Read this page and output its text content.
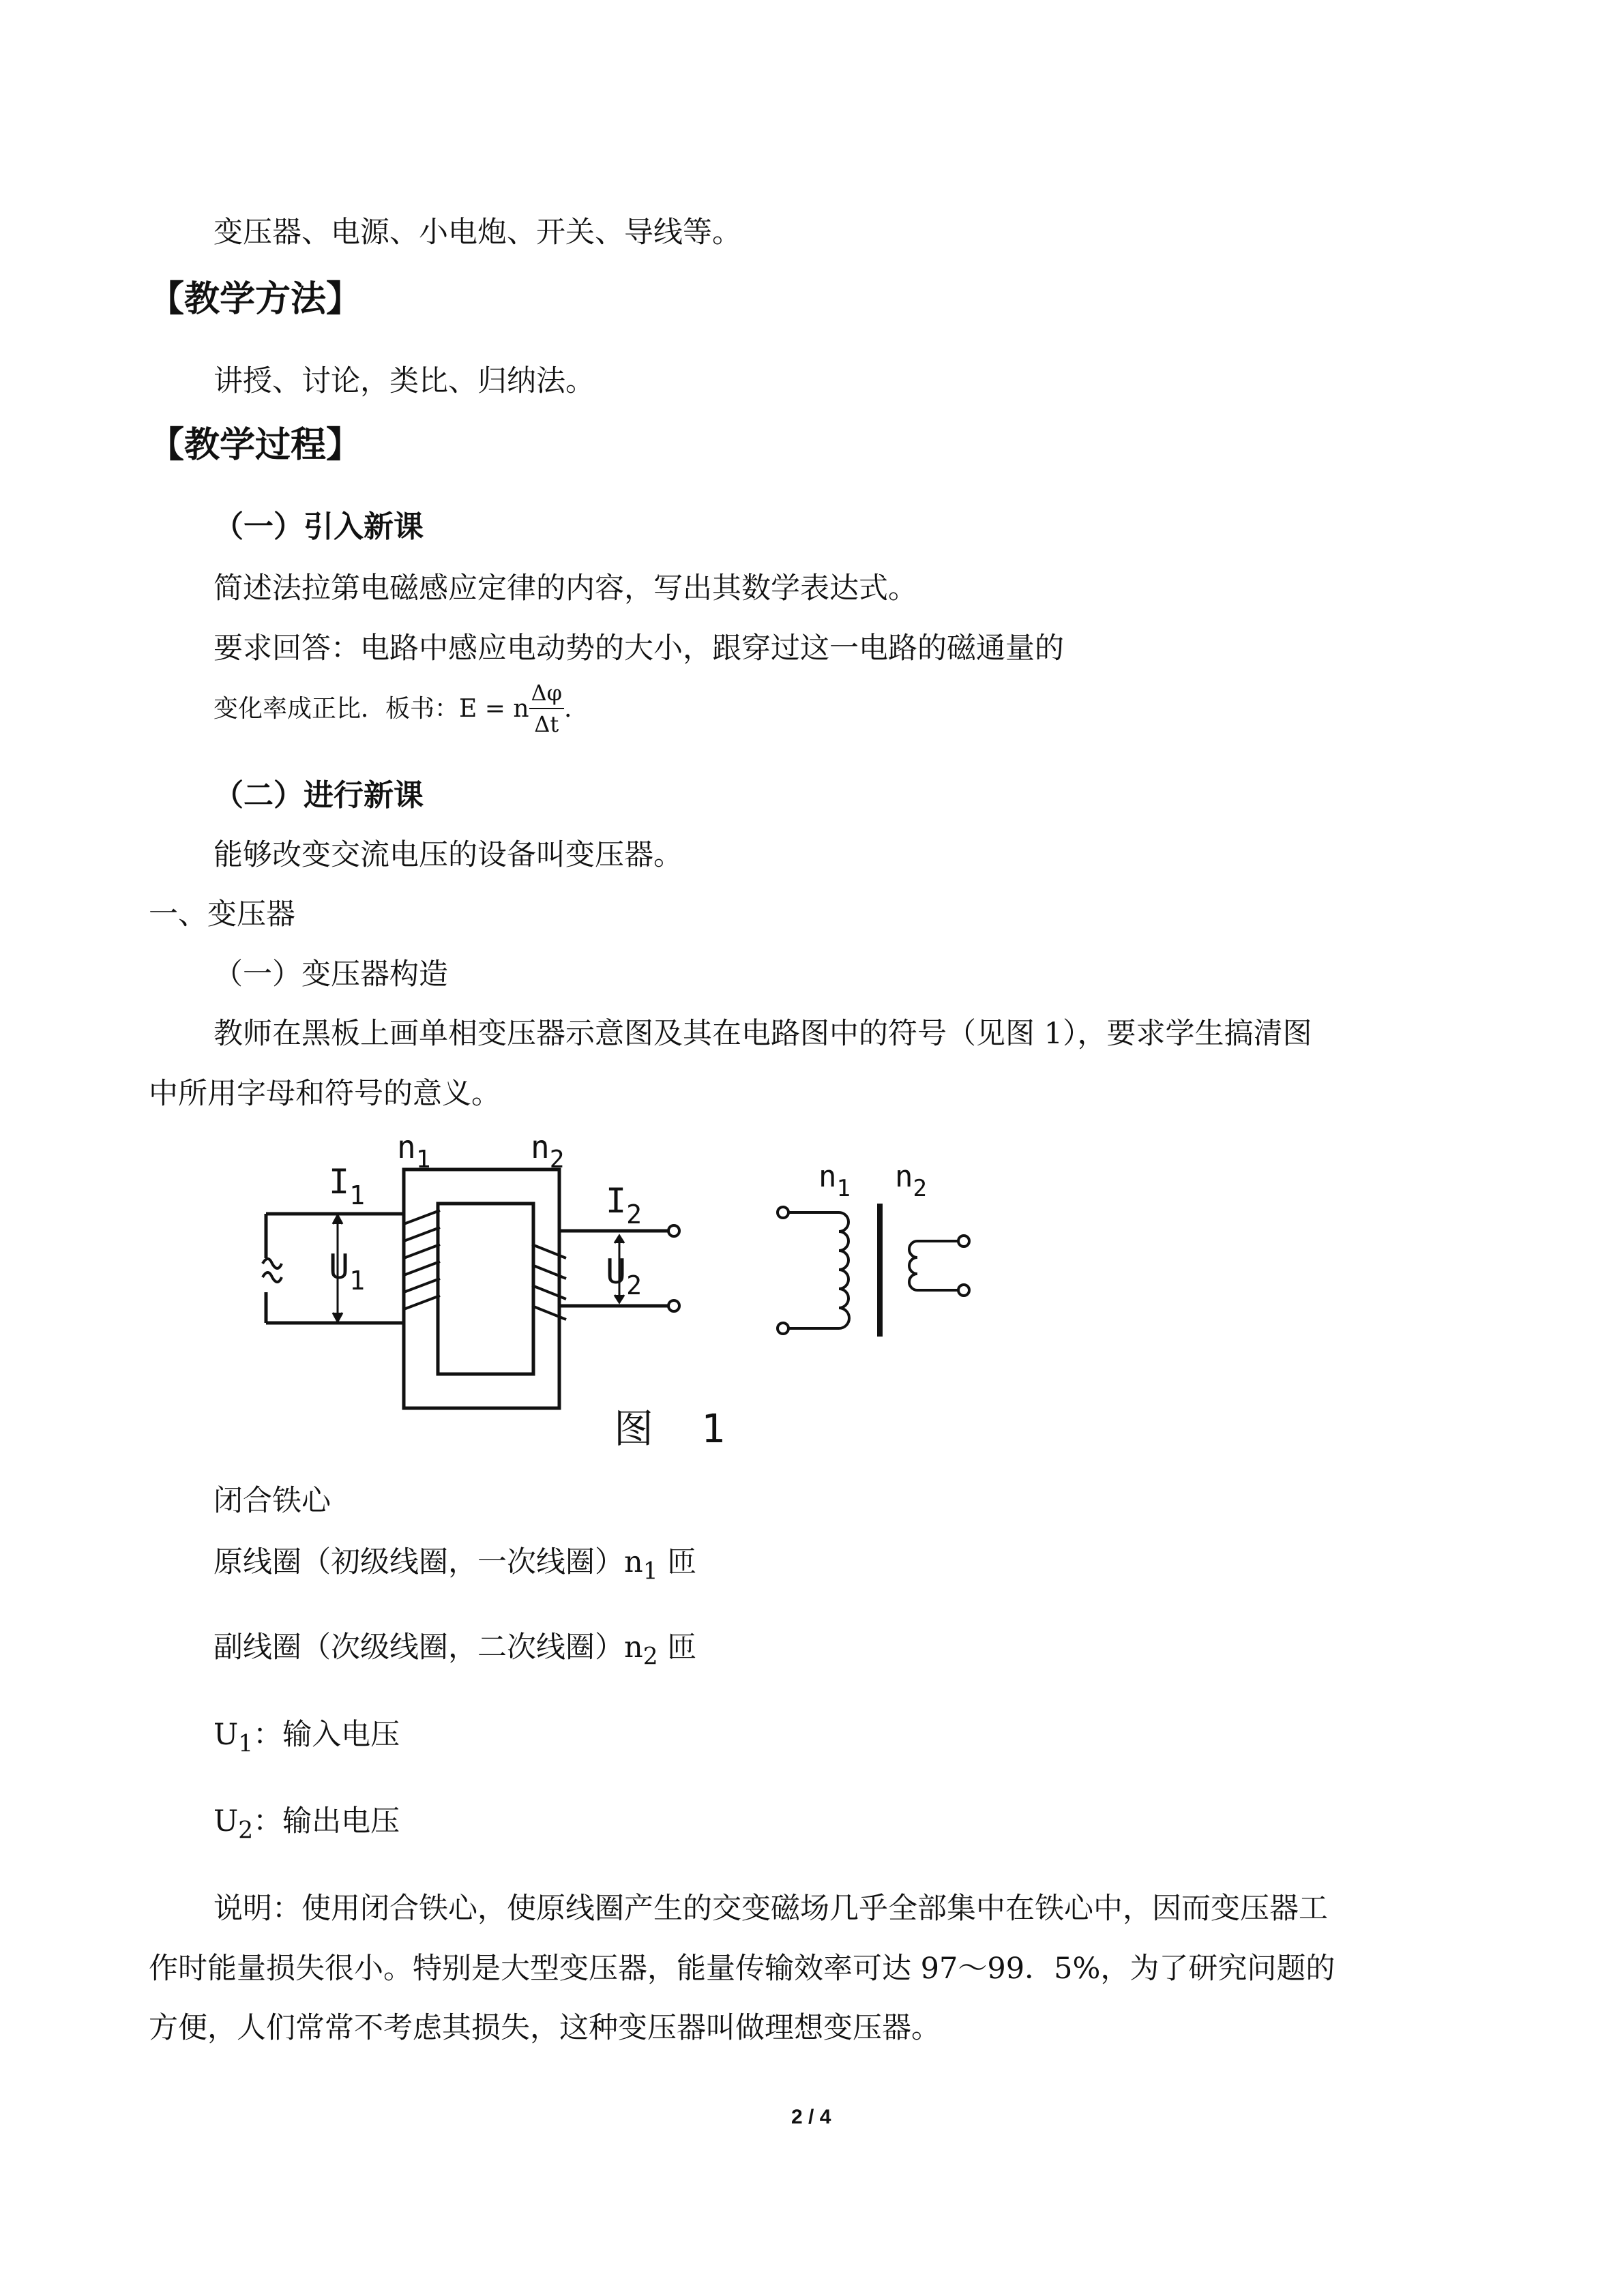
变压器、电源、小电炮、开关、导线等。
【教学方法】
讲授、讨论，类比、归纳法。
【教学过程】
（一）引入新课
简述法拉第电磁感应定律的内容，写出其数学表达式。
要求回答：电路中感应电动势的大小，跟穿过这一电路的磁通量的
变化率成正比．板书： E = n $\frac{\Delta\varphi}{\Delta t}$ .
（二）进行新课
能够改变交流电压的设备叫变压器。
一、变压器
（一）变压器构造
教师在黑板上画单相变压器示意图及其在电路图中的符号（见图 1），要求学生搞清图
中所用字母和符号的意义。
$n_1$	$n_2$
$I_1$
$U_1$
$I_2$
$U_2$
$n_1$ $n_2$
图 1
闭合铁心
原线圈（初级线圈，一次线圈）$n_1$ 匝
副线圈（次级线圈，二次线圈）$n_2$ 匝
$U_1$：输入电压
$U_2$：输出电压
说明：使用闭合铁心，使原线圈产生的交变磁场几乎全部集中在铁心中，因而变压器工
作时能量损失很小。特别是大型变压器，能量传输效率可达 97～99．5%，为了研究问题的
方便，人们常常不考虑其损失，这种变压器叫做理想变压器。
2 / 4
